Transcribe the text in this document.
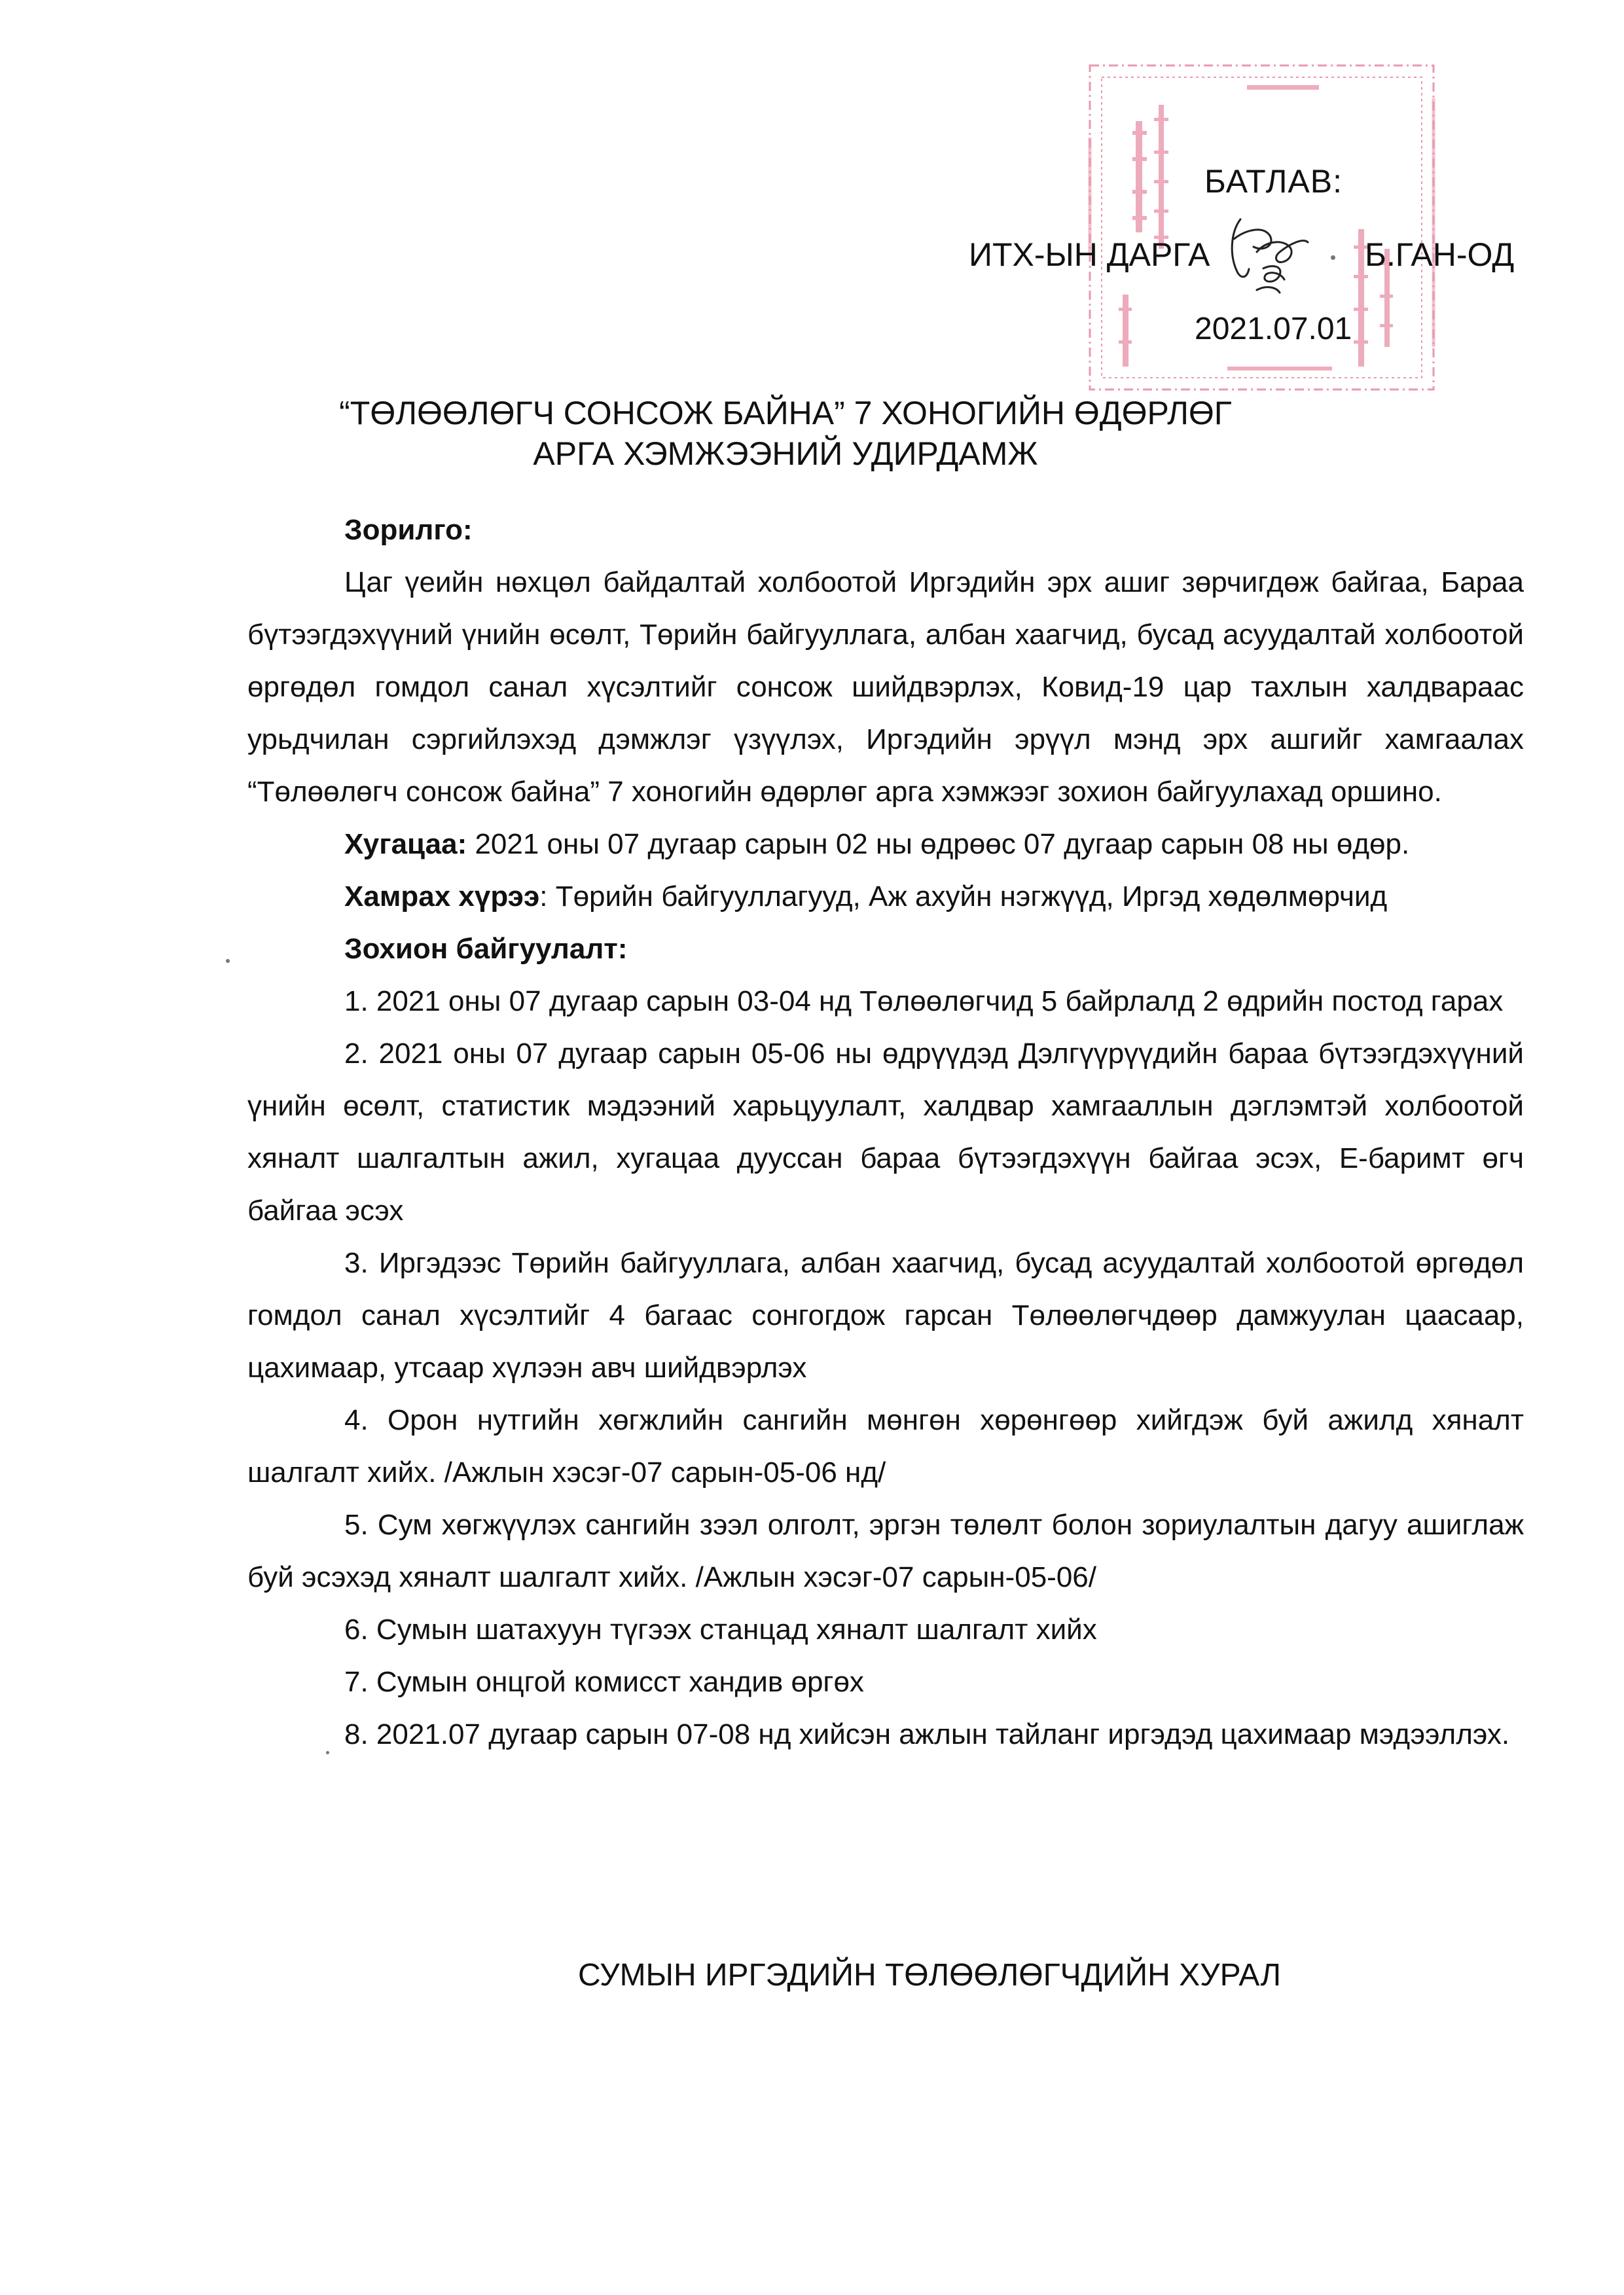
БАТЛАВ:
ИТХ-ЫН ДАРГА	Б.ГАН-ОД
2021.07.01
“ТӨЛӨӨЛӨГЧ СОНСОЖ БАЙНА” 7 ХОНОГИЙН ӨДӨРЛӨГ
АРГА ХЭМЖЭЭНИЙ УДИРДАМЖ

Зорилго:

Цаг үеийн нөхцөл байдалтай холбоотой Иргэдийн эрх ашиг зөрчигдөж байгаа, Бараа бүтээгдэхүүний үнийн өсөлт, Төрийн байгууллага, албан хаагчид, бусад асуудалтай холбоотой өргөдөл гомдол санал хүсэлтийг сонсож шийдвэрлэх, Ковид-19 цар тахлын халдвараас урьдчилан сэргийлэхэд дэмжлэг үзүүлэх, Иргэдийн эрүүл мэнд эрх ашгийг хамгаалах “Төлөөлөгч сонсож байна” 7 хоногийн өдөрлөг арга хэмжээг зохион байгуулахад оршино.

Хугацаа: 2021 оны 07 дугаар сарын 02 ны өдрөөс 07 дугаар сарын 08 ны өдөр.

Хамрах хүрээ: Төрийн байгууллагууд, Аж ахуйн нэгжүүд, Иргэд хөдөлмөрчид

Зохион байгуулалт:

1. 2021 оны 07 дугаар сарын 03-04 нд Төлөөлөгчид 5 байрлалд 2 өдрийн постод гарах

2. 2021 оны 07 дугаар сарын 05-06 ны өдрүүдэд Дэлгүүрүүдийн бараа бүтээгдэхүүний үнийн өсөлт, статистик мэдээний харьцуулалт, халдвар хамгааллын дэглэмтэй холбоотой хяналт шалгалтын ажил, хугацаа дууссан бараа бүтээгдэхүүн байгаа эсэх, Е-баримт өгч байгаа эсэх

3. Иргэдээс Төрийн байгууллага, албан хаагчид, бусад асуудалтай холбоотой өргөдөл гомдол санал хүсэлтийг 4 багаас сонгогдож гарсан Төлөөлөгчдөөр дамжуулан цаасаар, цахимаар, утсаар хүлээн авч шийдвэрлэх

4. Орон нутгийн хөгжлийн сангийн мөнгөн хөрөнгөөр хийгдэж буй ажилд хяналт шалгалт хийх. /Ажлын хэсэг-07 сарын-05-06 нд/

5. Сум хөгжүүлэх сангийн зээл олголт, эргэн төлөлт болон зориулалтын дагуу ашиглаж буй эсэхэд хяналт шалгалт хийх. /Ажлын хэсэг-07 сарын-05-06/

6. Сумын шатахуун түгээх станцад хяналт шалгалт хийх

7. Сумын онцгой комисст хандив өргөх

8. 2021.07 дугаар сарын 07-08 нд хийсэн ажлын тайланг иргэдэд цахимаар мэдээллэх.

СУМЫН ИРГЭДИЙН ТӨЛӨӨЛӨГЧДИЙН ХУРАЛ
